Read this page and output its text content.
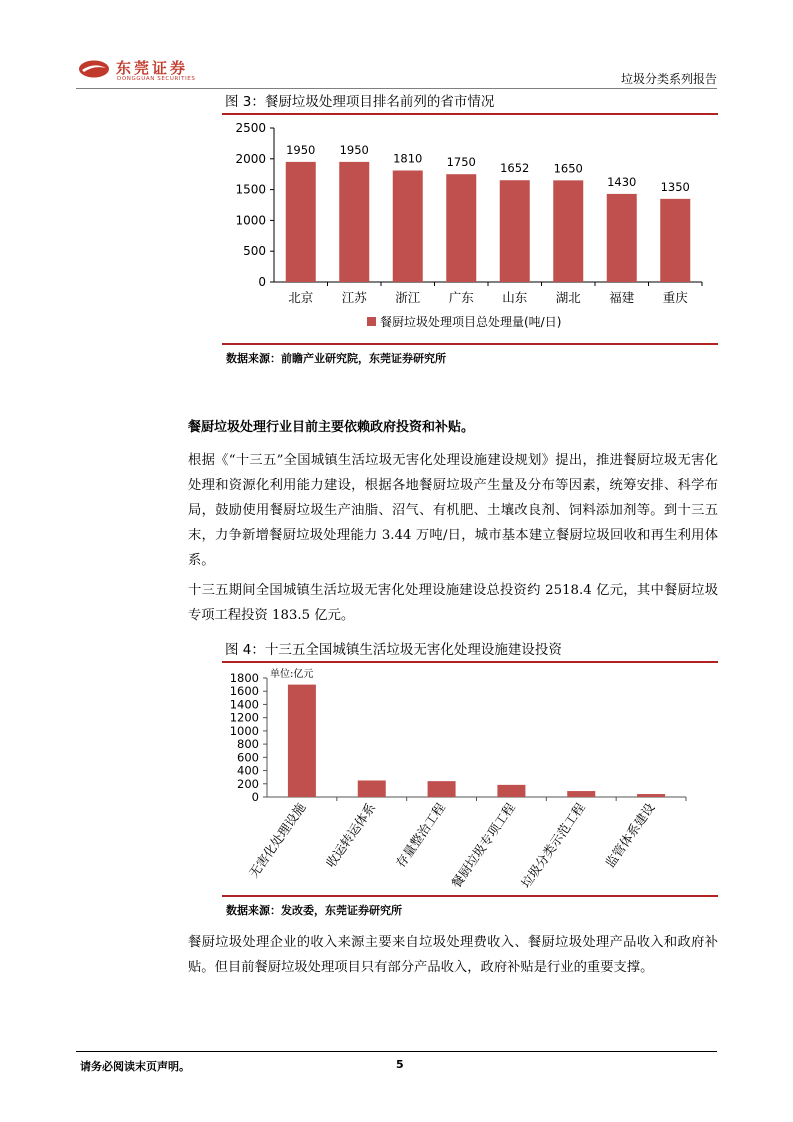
东莞证券
DONGGUAN SECURITIES	垃圾分类系列报告
图 3：餐厨垃圾处理项目排名前列的省市情况
0
500
1000
1500
2000
2500
1950
北京
1950
江苏
1810
浙江
1750
广东
1652
山东
1650
湖北
1430
福建
1350
重庆
餐厨垃圾处理项目总处理量(吨/日)
数据来源：前瞻产业研究院，东莞证券研究所
餐厨垃圾处理行业目前主要依赖政府投资和补贴。
根据《“十三五”全国城镇生活垃圾无害化处理设施建设规划》提出，推进餐厨垃圾无害化处理和资源化利用能力建设，根据各地餐厨垃圾产生量及分布等因素，统筹安排、科学布局，鼓励使用餐厨垃圾生产油脂、沼气、有机肥、土壤改良剂、饲料添加剂等。到十三五末，力争新增餐厨垃圾处理能力 3.44 万吨/日，城市基本建立餐厨垃圾回收和再生利用体系。
十三五期间全国城镇生活垃圾无害化处理设施建设总投资约 2518.4 亿元，其中餐厨垃圾专项工程投资 183.5 亿元。
图 4：十三五全国城镇生活垃圾无害化处理设施建设投资
0
200
400
600
800
1000
1200
1400
1600
1800 单位:亿元
无害化处理设施 收运转运体系 存量整治工程 餐厨垃圾专项工程 垃圾分类示范工程 监管体系建设
数据来源：发改委，东莞证券研究所
餐厨垃圾处理企业的收入来源主要来自垃圾处理费收入、餐厨垃圾处理产品收入和政府补贴。但目前餐厨垃圾处理项目只有部分产品收入，政府补贴是行业的重要支撑。
请务必阅读末页声明。	5
